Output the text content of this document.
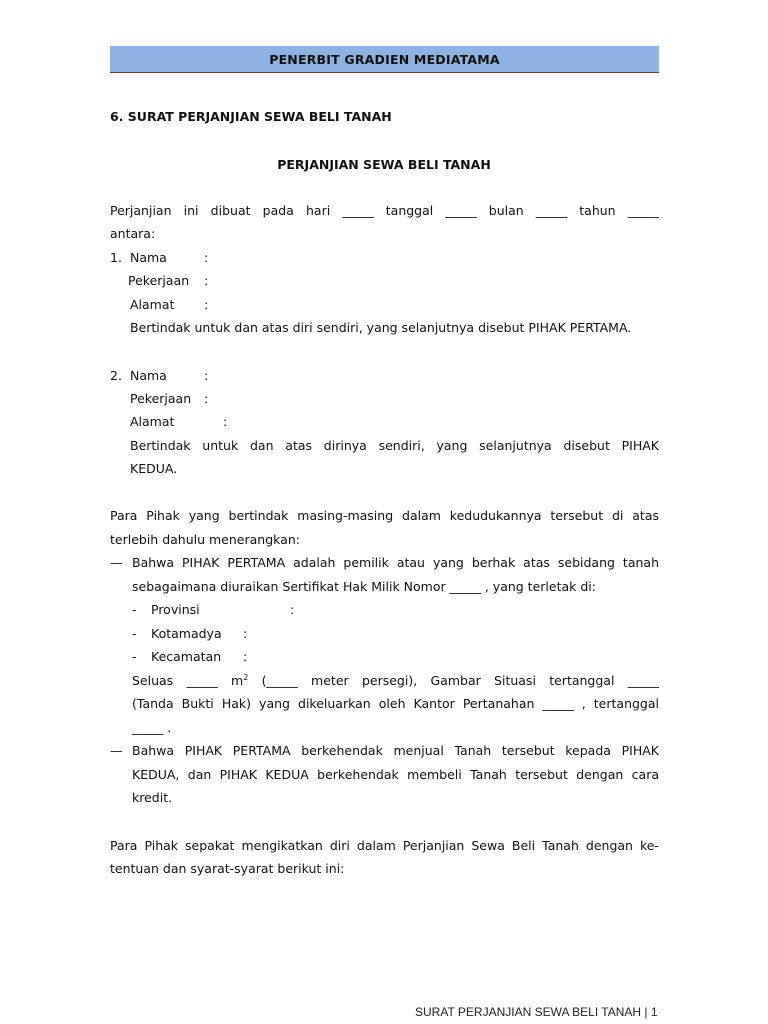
PENERBIT GRADIEN MEDIATAMA
6. SURAT PERJANJIAN SEWA BELI TANAH
PERJANJIAN SEWA BELI TANAH
Perjanjian ini dibuat pada hari _____ tanggal _____ bulan _____ tahun _____
antara:
1. Nama	:
Pekerjaan :
Alamat :
Bertindak untuk dan atas diri sendiri, yang selanjutnya disebut PIHAK PERTAMA.
2. Nama	:
Pekerjaan :
Alamat	:
Bertindak untuk dan atas dirinya sendiri, yang selanjutnya disebut PIHAK
KEDUA.
Para Pihak yang bertindak masing-masing dalam kedudukannya tersebut di atas
terlebih dahulu menerangkan:
— Bahwa PIHAK PERTAMA adalah pemilik atau yang berhak atas sebidang tanah
sebagaimana diuraikan Sertifikat Hak Milik Nomor _____ , yang terletak di:
- Provinsi	:
- Kotamadya :
- Kecamatan :
Seluas _____ $m^2$ (_____ meter persegi), Gambar Situasi tertanggal _____
(Tanda Bukti Hak) yang dikeluarkan oleh Kantor Pertanahan _____ , tertanggal
_____ .
— Bahwa PIHAK PERTAMA berkehendak menjual Tanah tersebut kepada PIHAK
KEDUA, dan PIHAK KEDUA berkehendak membeli Tanah tersebut dengan cara
kredit.
Para Pihak sepakat mengikatkan diri dalam Perjanjian Sewa Beli Tanah dengan ke-
tentuan dan syarat-syarat berikut ini:
SURAT PERJANJIAN SEWA BELI TANAH | 1
